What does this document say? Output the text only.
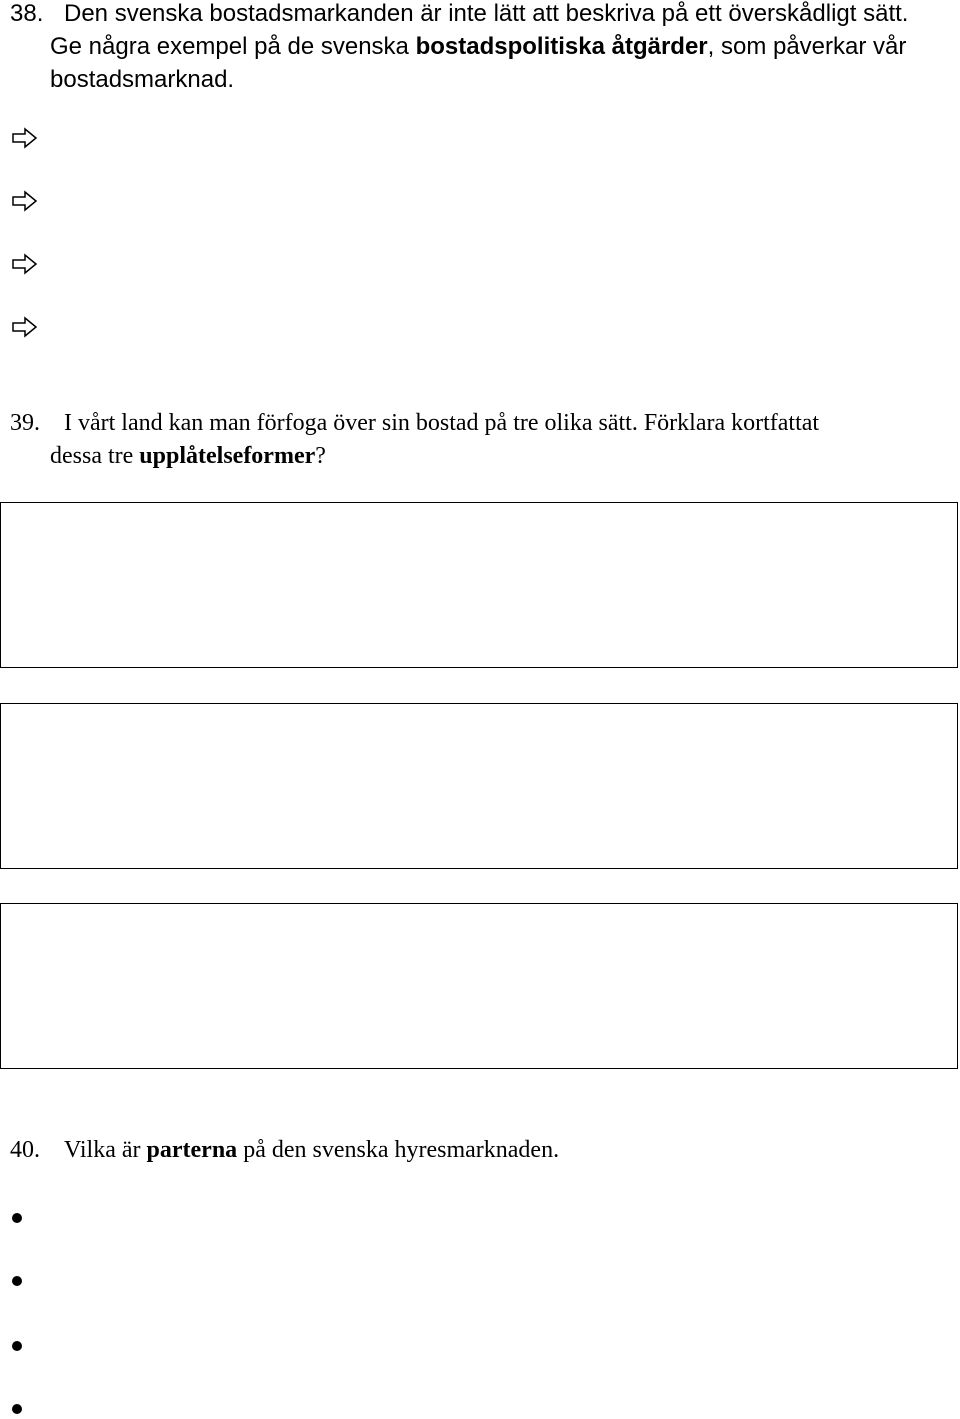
38. Den svenska bostadsmarkanden är inte lätt att beskriva på ett överskådligt sätt.
Ge några exempel på de svenska bostadspolitiska åtgärder, som påverkar vår
bostadsmarknad.
39. I vårt land kan man förfoga över sin bostad på tre olika sätt. Förklara kortfattat
dessa tre upplåtelseformer?
40. Vilka är parterna på den svenska hyresmarknaden.
